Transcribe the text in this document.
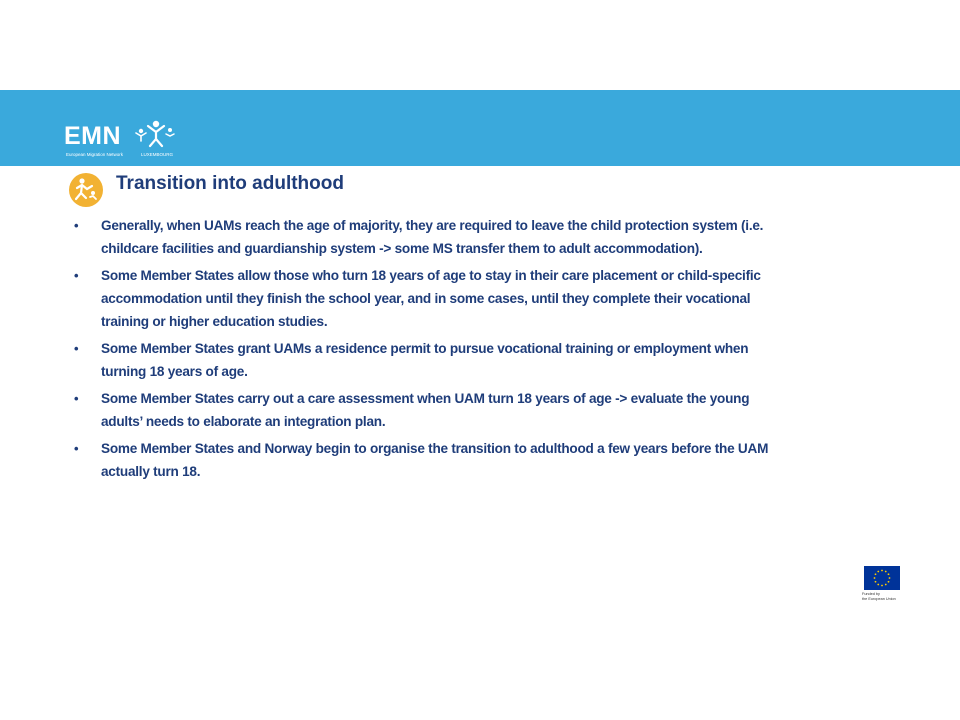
EMN
European Migration Network	LUXEMBOURG
Transition into adulthood
• Generally, when UAMs reach the age of majority, they are required to leave the child protection system (i.e.
childcare facilities and guardianship system -> some MS transfer them to adult accommodation).
• Some Member States allow those who turn 18 years of age to stay in their care placement or child-specific
accommodation until they finish the school year, and in some cases, until they complete their vocational
training or higher education studies.
• Some Member States grant UAMs a residence permit to pursue vocational training or employment when
turning 18 years of age.
• Some Member States carry out a care assessment when UAM turn 18 years of age -> evaluate the young
adults’ needs to elaborate an integration plan.
• Some Member States and Norway begin to organise the transition to adulthood a few years before the UAM
actually turn 18.
Funded by
the European Union
